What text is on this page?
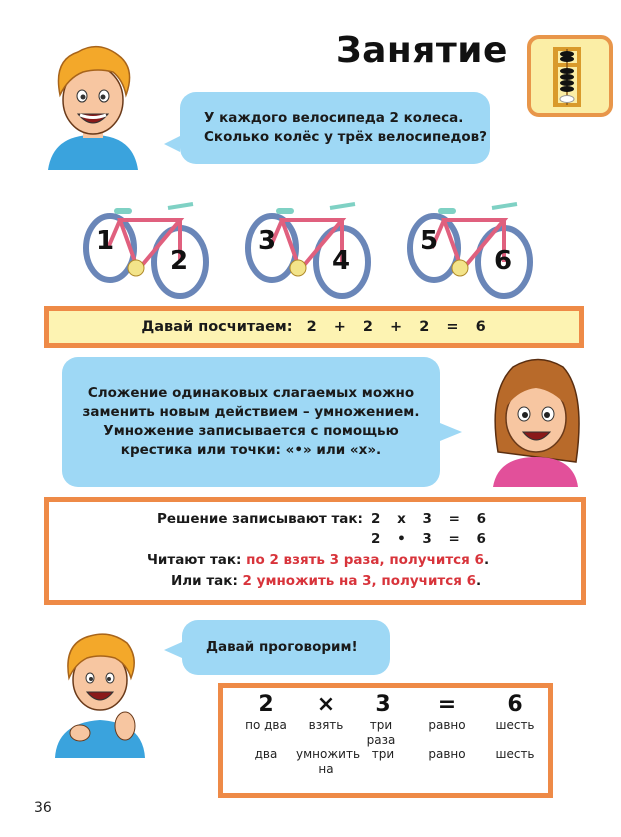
Занятие
У каждого велосипеда 2 колеса.
Сколько колёс у трёх велосипедов?
1
2
3
4
5
6
Давай посчитаем: 2 + 2 + 2 = 6
Сложение одинаковых слагаемых можно
заменить новым действием – умножением.
Умножение записывается с помощью
крестика или точки: «•» или «х».
Решение записывают так: 2 x 3 = 6
2 • 3 = 6
Читают так: по 2 взять 3 раза, получится 6.
Или так: 2 умножить на 3, получится 6.
Давай проговорим!
2
по два
два
×
взять
умножить на
3
три раза
три
=
равно
равно
6
шесть
шесть
36
